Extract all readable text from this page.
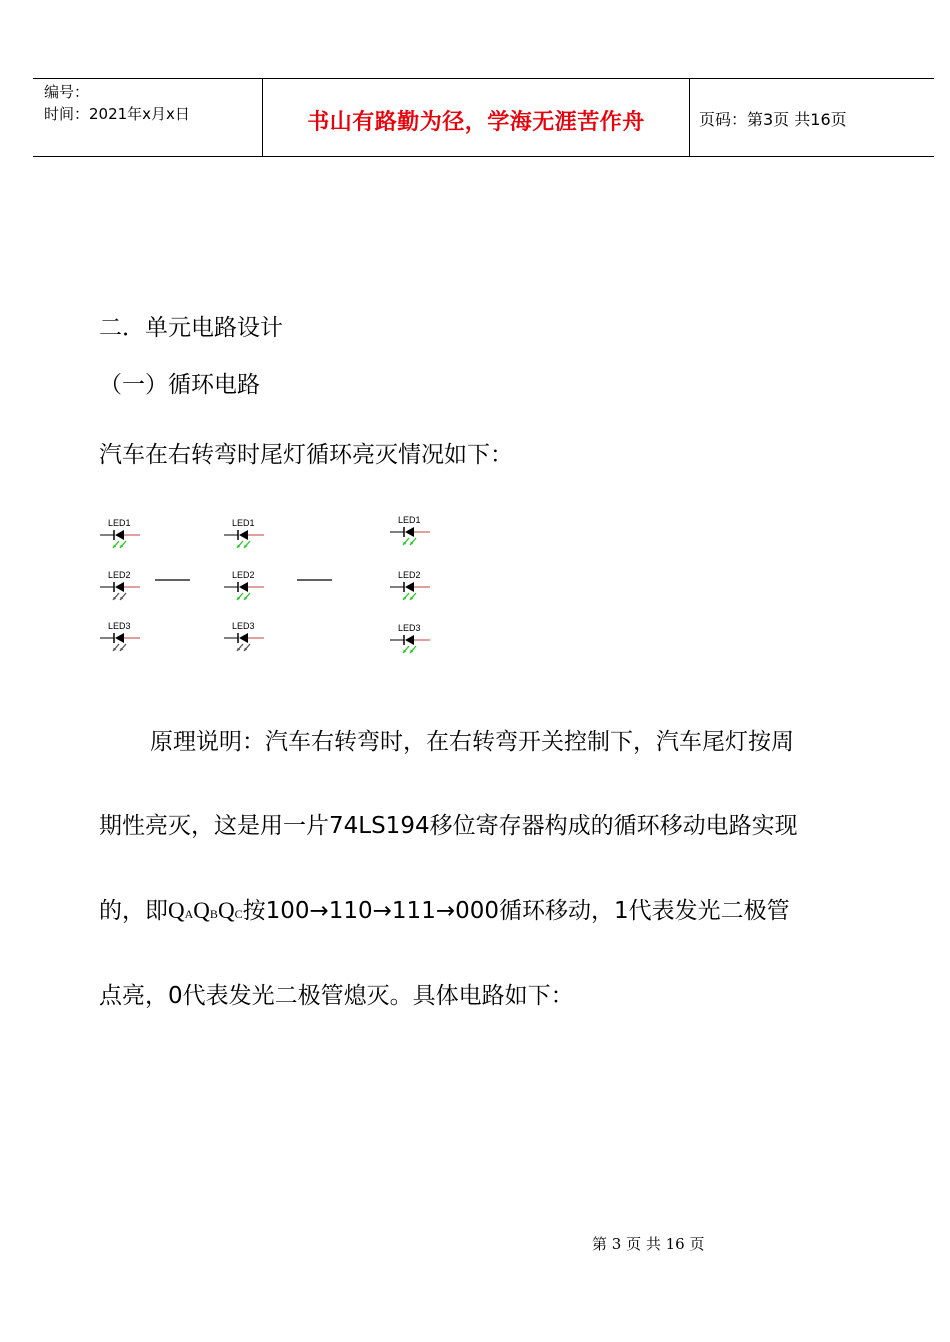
编号：
时间：2021年x月x日	书山有路勤为径，学海无涯苦作舟	页码：第3页 共16页
二．单元电路设计
（一）循环电路
汽车在右转弯时尾灯循环亮灭情况如下：
LED1
LED2
LED3
LED1
LED2
LED3
LED1
LED2
LED3
原理说明：汽车右转弯时，在右转弯开关控制下，汽车尾灯按周
期性亮灭，这是用一片74LS194移位寄存器构成的循环移动电路实现
的，即QAQBQC按100→110→111→000循环移动，1代表发光二极管
点亮，0代表发光二极管熄灭。具体电路如下：
第 3 页 共 16 页
